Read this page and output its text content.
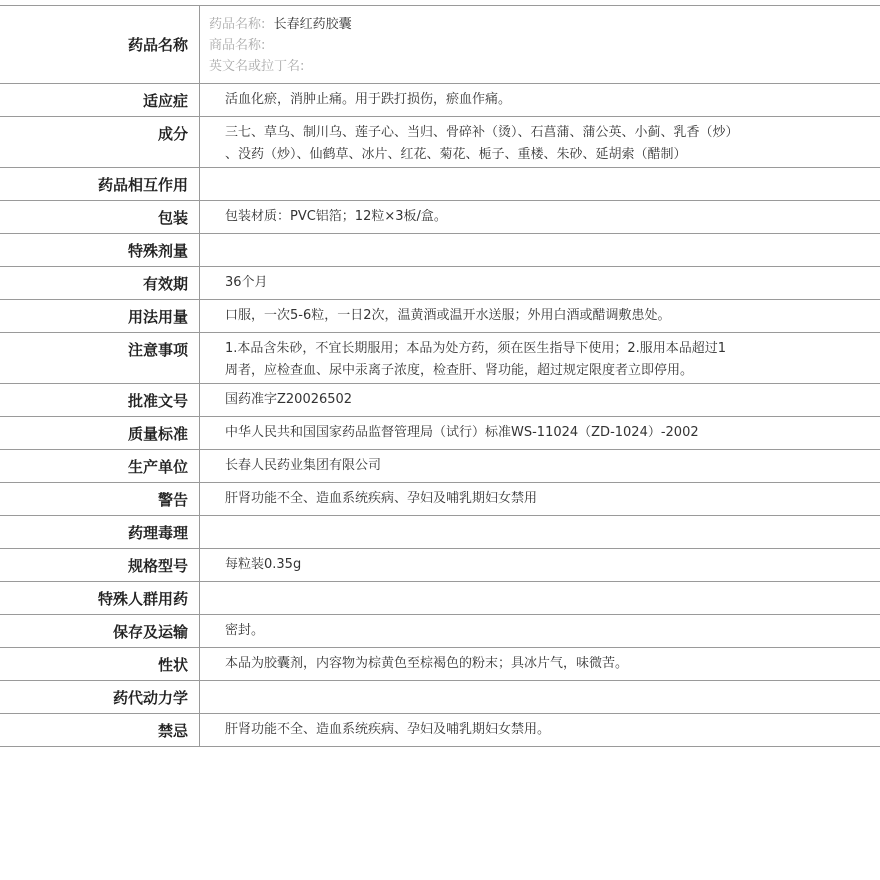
药品名称
药品名称: 长春红药胶囊
商品名称:
英文名或拉丁名:
适应症	活血化瘀，消肿止痛。用于跌打损伤，瘀血作痛。
成分	三七、草乌、制川乌、莲子心、当归、骨碎补（烫）、石菖蒲、蒲公英、小蓟、乳香（炒）
、没药（炒）、仙鹤草、冰片、红花、菊花、栀子、重楼、朱砂、延胡索（醋制）
药品相互作用
包装	包装材质：PVC铝箔；12粒×3板/盒。
特殊剂量
有效期	36个月
用法用量	口服，一次5-6粒，一日2次，温黄酒或温开水送服；外用白酒或醋调敷患处。
注意事项	1.本品含朱砂，不宜长期服用；本品为处方药，须在医生指导下使用；2.服用本品超过1
周者，应检查血、尿中汞离子浓度，检查肝、肾功能，超过规定限度者立即停用。
批准文号	国药准字Z20026502
质量标准	中华人民共和国国家药品监督管理局（试行）标准WS-11024（ZD-1024）-2002
生产单位	长春人民药业集团有限公司
警告	肝肾功能不全、造血系统疾病、孕妇及哺乳期妇女禁用
药理毒理
规格型号	每粒装0.35g
特殊人群用药
保存及运输	密封。
性状	本品为胶囊剂，内容物为棕黄色至棕褐色的粉末；具冰片气，味微苦。
药代动力学
禁忌	肝肾功能不全、造血系统疾病、孕妇及哺乳期妇女禁用。
